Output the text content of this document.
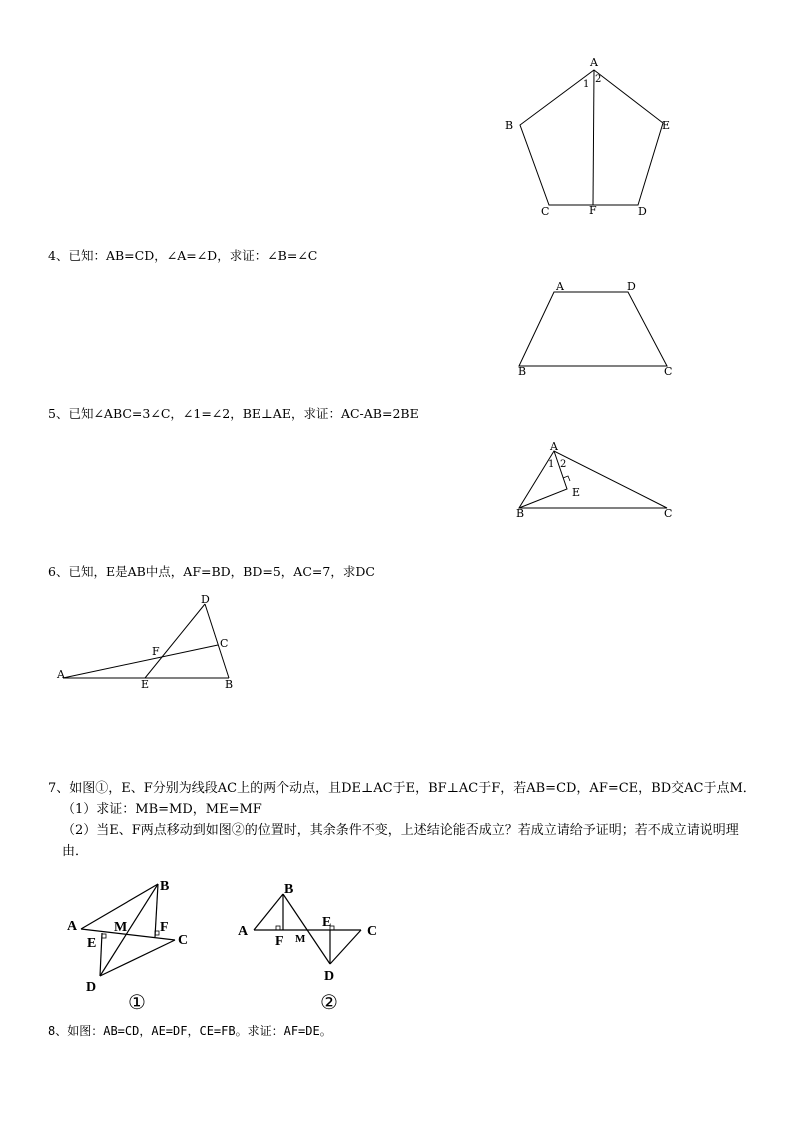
A
1 2
B	E
C	F	D
4、已知：AB=CD，∠A=∠D，求证：∠B=∠C
A	D
B	C
5、已知∠ABC=3∠C，∠1=∠2，BE⊥AE，求证：AC-AB=2BE
A
1 2
E
B	C
6、已知，E是AB中点，AF=BD，BD=5，AC=7，求DC
D
C
F
A
E	B

7、如图①，E、F分别为线段AC上的两个动点，且DE⊥AC于E，BF⊥AC于F，若AB=CD，AF=CE，BD交AC于点M．

（1）求证：MB=MD，ME=MF

（2）当E、F两点移动到如图②的位置时，其余条件不变，上述结论能否成立？若成立请给予证明；若不成立请说明理由．

B
A	M F
E	C
D
①
B
A
E
C
F M
D
②
8、如图：AB=CD，AE=DF，CE=FB。求证：AF=DE。
